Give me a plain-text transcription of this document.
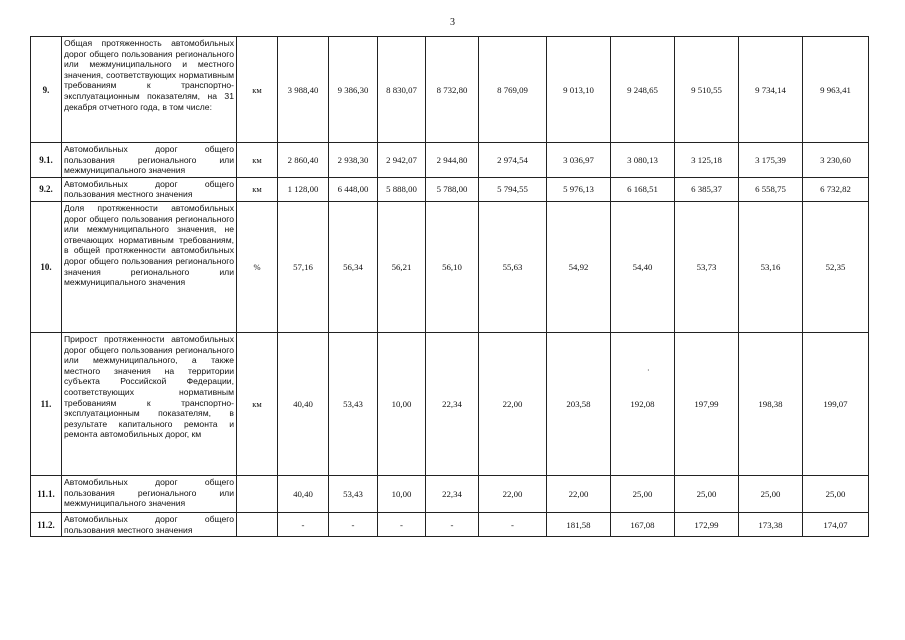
3
9.	Общая протяженность автомобильных дорог общего пользования регионального или межмуниципального и местного значения, соответствующих нормативным требованиям к транспортно-эксплуатационным показателям, на 31 декабря отчетного года, в том числе:	км	3 988,40	9 386,30	8 830,07	8 732,80	8 769,09	9 013,10	9 248,65	9 510,55	9 734,14	9 963,41
9.1.	Автомобильных дорог общего пользования регионального или межмуниципального значения	км	2 860,40	2 938,30	2 942,07	2 944,80	2 974,54	3 036,97	3 080,13	3 125,18	3 175,39	3 230,60
9.2.	Автомобильных дорог общего пользования местного значения	км	1 128,00	6 448,00	5 888,00	5 788,00	5 794,55	5 976,13	6 168,51	6 385,37	6 558,75	6 732,82
10.	Доля протяженности автомобильных дорог общего пользования регионального или межмуниципального значения, не отвечающих нормативным требованиям, в общей протяженности автомобильных дорог общего пользования регионального значения регионального или межмуниципального значения	%	57,16	56,34	56,21	56,10	55,63	54,92	54,40	53,73	53,16	52,35
11.	Прирост протяженности автомобильных дорог общего пользования регионального или межмуниципального, а также местного значения на территории субъекта Российской Федерации, соответствующих нормативным требованиям к транспортно-эксплуатационным показателям, в результате капитального ремонта и ремонта автомобильных дорог, км	км	40,40	53,43	10,00	22,34	22,00	203,58	192,08	197,99	198,38	199,07
11.1.	Автомобильных дорог общего пользования регионального или межмуниципального значения		40,40	53,43	10,00	22,34	22,00	22,00	25,00	25,00	25,00	25,00
11.2.	Автомобильных дорог общего пользования местного значения		-	-	-	-	-	181,58	167,08	172,99	173,38	174,07
·
